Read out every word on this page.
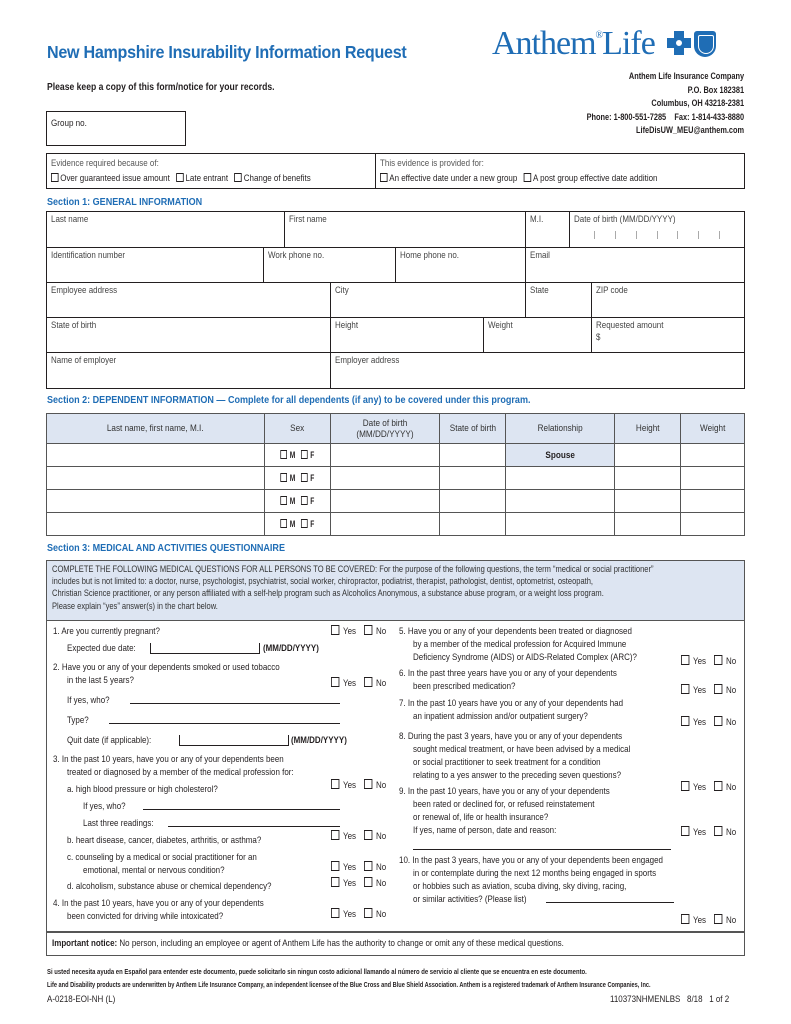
New Hampshire Insurability Information Request
Please keep a copy of this form/notice for your records.
Group no.
Anthem®Life
Anthem Life Insurance Company
P.O. Box 182381
Columbus, OH 43218-2381
Phone: 1-800-551-7285    Fax: 1-814-433-8880
LifeDisUW_MEU@anthem.com
Evidence required because of:
Over guaranteed issue amount Late entrant Change of benefits
This evidence is provided for:
An effective date under a new group A post group effective date addition
Section 1: GENERAL INFORMATION
Last name	First name	M.I.	Date of birth (MM/DD/YYYY)
Identification number	Work phone no.	Home phone no.	Email
Employee address	City	State	ZIP code
State of birth	Height	Weight	Requested amount
$
Name of employer	Employer address
Section 2: DEPENDENT INFORMATION — Complete for all dependents (if any) to be covered under this program.
Last name, first name, M.I.	Sex	Date of birth (MM/DD/YYYY)	State of birth	Relationship	Height	Weight
	M F			Spouse		
	M F					
	M F					
	M F					
Section 3: MEDICAL AND ACTIVITIES QUESTIONNAIRE
COMPLETE THE FOLLOWING MEDICAL QUESTIONS FOR ALL PERSONS TO BE COVERED: For the purpose of the following questions, the term “medical or social practitioner”
includes but is not limited to: a doctor, nurse, psychologist, psychiatrist, social worker, chiropractor, podiatrist, therapist, pathologist, dentist, optometrist, osteopath,
Christian Science practitioner, or any person affiliated with a self-help program such as Alcoholics Anonymous, a substance abuse program, or a weight loss program.
Please explain “yes” answer(s) in the chart below.
1. Are you currently pregnant?
Expected due date:	(MM/DD/YYYY)
2. Have you or any of your dependents smoked or used tobacco
in the last 5 years?
If yes, who?
Type?
Quit date (if applicable):	(MM/DD/YYYY)
3. In the past 10 years, have you or any of your dependents been
treated or diagnosed by a member of the medical profession for:
a. high blood pressure or high cholesterol?
If yes, who?
Last three readings:
b. heart disease, cancer, diabetes, arthritis, or asthma?
c. counseling by a medical or social practitioner for an
emotional, mental or nervous condition?
d. alcoholism, substance abuse or chemical dependency?
4. In the past 10 years, have you or any of your dependents
been convicted for driving while intoxicated?
Yes No
Yes No
Yes No
Yes No
Yes No
Yes No
Yes No
5. Have you or any of your dependents been treated or diagnosed
by a member of the medical profession for Acquired Immune
Deficiency Syndrome (AIDS) or AIDS-Related Complex (ARC)?
6. In the past three years have you or any of your dependents
been prescribed medication?
7. In the past 10 years have you or any of your dependents had
an inpatient admission and/or outpatient surgery?
8. During the past 3 years, have you or any of your dependents
sought medical treatment, or have been advised by a medical
or social practitioner to seek treatment for a condition
relating to a yes answer to the preceding seven questions?
9. In the past 10 years, have you or any of your dependents
been rated or declined for, or refused reinstatement
or renewal of, life or health insurance?
If yes, name of person, date and reason:
10. In the past 3 years, have you or any of your dependents been engaged
in or contemplate during the next 12 months being engaged in sports
or hobbies such as aviation, scuba diving, sky diving, racing,
or similar activities? (Please list)
Yes No
Yes No
Yes No
Yes No
Yes No
Yes No
Important notice: No person, including an employee or agent of Anthem Life has the authority to change or omit any of these medical questions.
Si usted necesita ayuda en Español para entender este documento, puede solicitarlo sin ningun costo adicional llamando al número de servicio al cliente que se encuentra en este documento.
Life and Disability products are underwritten by Anthem Life Insurance Company, an independent licensee of the Blue Cross and Blue Shield Association. Anthem is a registered trademark of Anthem Insurance Companies, Inc.
A-0218-EOI-NH (L)	110373NHMENLBS   8/18   1 of 2
